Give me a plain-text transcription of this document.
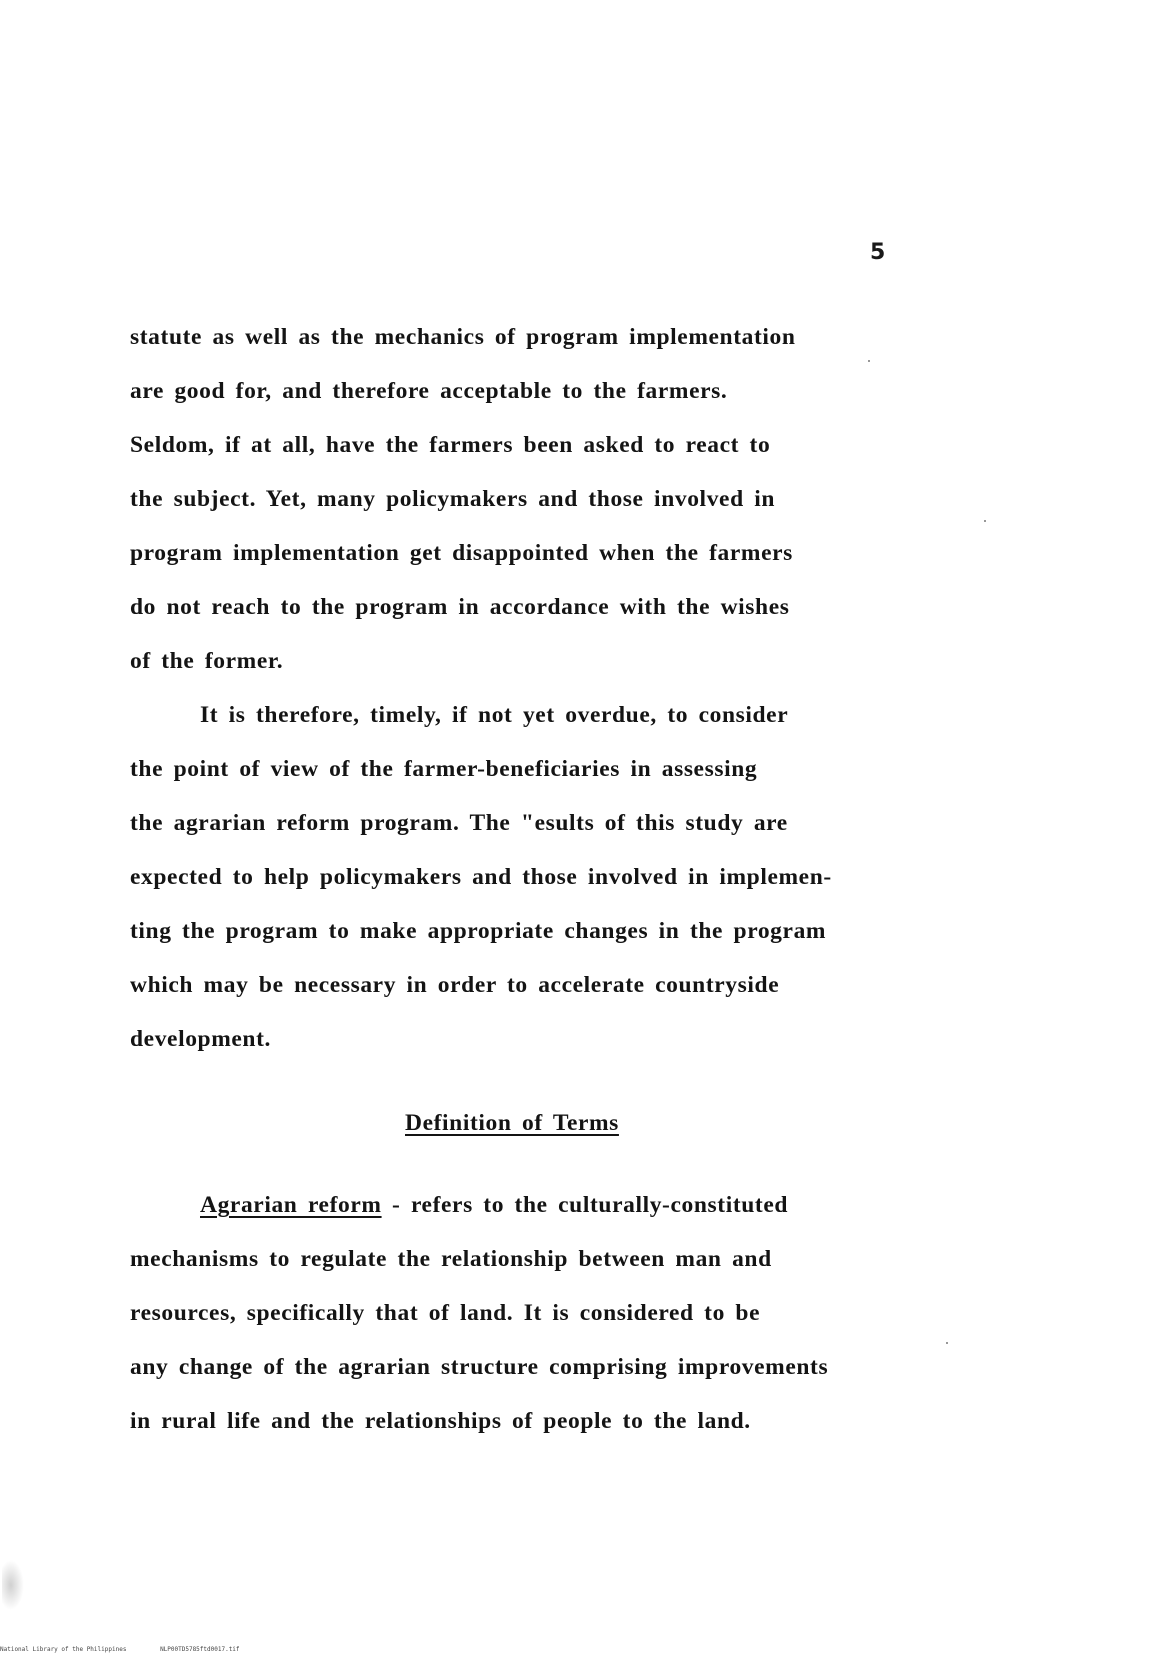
5
statute as well as the mechanics of program implementation
are good for, and therefore acceptable to the farmers.
Seldom, if at all, have the farmers been asked to react to
the subject. Yet, many policymakers and those involved in
program implementation get disappointed when the farmers
do not reach to the program in accordance with the wishes
of the former.
It is therefore, timely, if not yet overdue, to consider
the point of view of the farmer-beneficiaries in assessing
the agrarian reform program. The "esults of this study are
expected to help policymakers and those involved in implemen-
ting the program to make appropriate changes in the program
which may be necessary in order to accelerate countryside
development.
Definition of Terms
Agrarian reform - refers to the culturally-constituted
mechanisms to regulate the relationship between man and
resources, specifically that of land. It is considered to be
any change of the agrarian structure comprising improvements
in rural life and the relationships of people to the land.
National Library of the Philippines	NLP00TD5785ftd0017.tif
